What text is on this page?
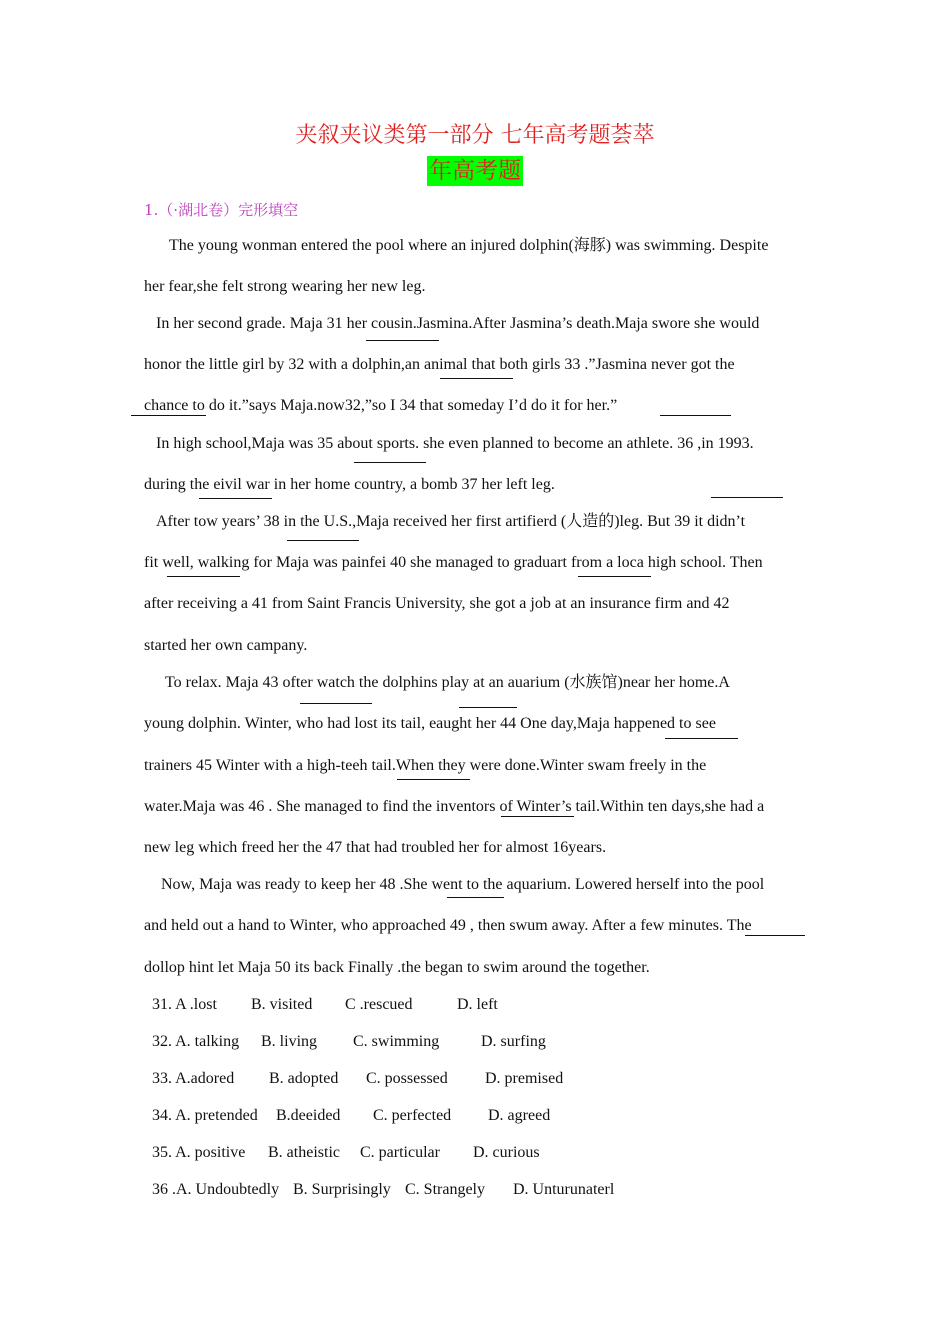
夹叙夹议类第一部分 七年高考题荟萃
年高考题
1.（·湖北卷）完形填空
The young wonman entered the pool where an injured dolphin(海豚) was swimming. Despite
her fear,she felt strong wearing her new leg.
In her second grade. Maja 31 her cousin.Jasmina.After Jasmina’s death.Maja swore she would
honor the little girl by 32 with a dolphin,an animal that both girls 33 .”Jasmina never got the
chance to do it.”says Maja.now32,”so I 34 that someday I’d do it for her.”
In high school,Maja was 35 about sports. she even planned to become an athlete. 36 ,in 1993.
during the eivil war in her home country, a bomb 37 her left leg.
After tow years’ 38 in the U.S.,Maja received her first artifierd (人造的)leg. But 39 it didn’t
fit well, walking for Maja was painfei 40 she managed to graduart from a loca high school. Then
after receiving a 41 from Saint Francis University, she got a job at an insurance firm and 42
started her own campany.
To relax. Maja 43 ofter watch the dolphins play at an auarium (水族馆)near her home.A
young dolphin. Winter, who had lost its tail, eaught her 44 One day,Maja happened to see
trainers 45 Winter with a high-teeh tail.When they were done.Winter swam freely in the
water.Maja was 46 . She managed to find the inventors of Winter’s tail.Within ten days,she had a
new leg which freed her the 47 that had troubled her for almost 16years.
Now, Maja was ready to keep her 48 .She went to the aquarium. Lowered herself into the pool
and held out a hand to Winter, who approached 49 , then swum away. After a few minutes. The
dollop hint let Maja 50 its back Finally .the began to swim around the together.
31. A .lost B. visited C .rescued	D. left
32. A. talking B. living C. swimming	D. surfing
33. A.adored B. adopted C. possessed D. premised
34. A. pretended B.deeided C. perfected D. agreed
35. A. positive B. atheistic C. particular D. curious
36 .A. Undoubtedly B. Surprisingly C. Strangely D. Unturunaterl
